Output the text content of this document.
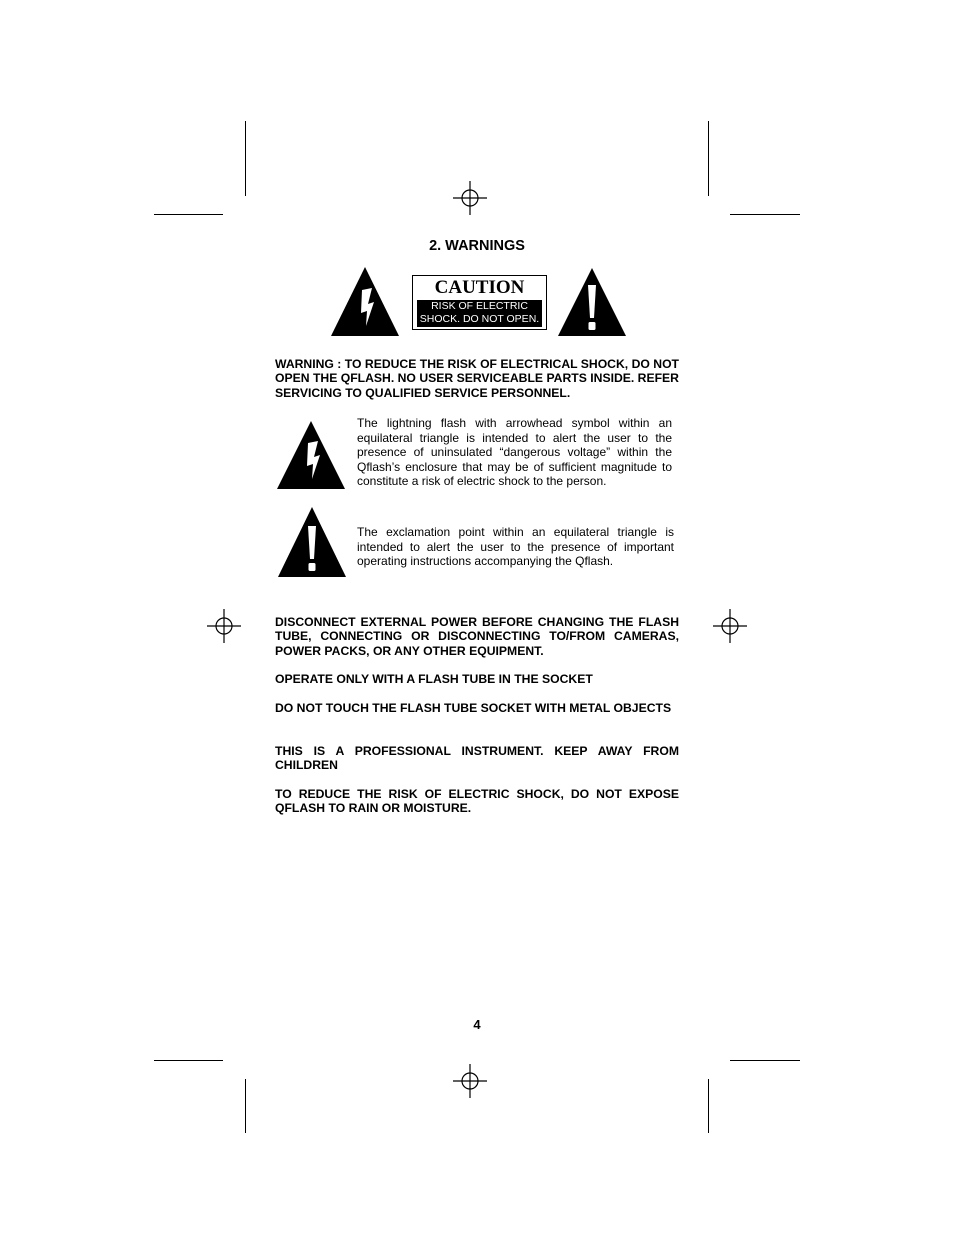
2. WARNINGS
CAUTION
RISK OF ELECTRIC
SHOCK. DO NOT OPEN.
WARNING : TO REDUCE THE RISK OF ELECTRICAL SHOCK, DO NOT OPEN THE QFLASH. NO USER SERVICEABLE PARTS INSIDE. REFER SERVICING TO QUALIFIED SERVICE PERSONNEL.
The lightning flash with arrowhead symbol within an equilateral triangle is intended to alert the user to the presence of uninsulated “dangerous voltage” within the Qflash’s enclosure that may be of sufficient magnitude to constitute a risk of electric shock to the person.
The exclamation point within an equilateral triangle is intended to alert the user to the presence of important operating instructions accompanying the Qflash.
DISCONNECT EXTERNAL POWER BEFORE CHANGING THE FLASH TUBE, CONNECTING OR DISCONNECTING TO/FROM CAMERAS, POWER PACKS, OR ANY OTHER EQUIPMENT.
OPERATE ONLY WITH A FLASH TUBE IN THE SOCKET
DO NOT TOUCH THE FLASH TUBE SOCKET WITH METAL OBJECTS
THIS IS A PROFESSIONAL INSTRUMENT. KEEP AWAY FROM CHILDREN
TO REDUCE THE RISK OF ELECTRIC SHOCK, DO NOT EXPOSE QFLASH TO RAIN OR MOISTURE.
4
